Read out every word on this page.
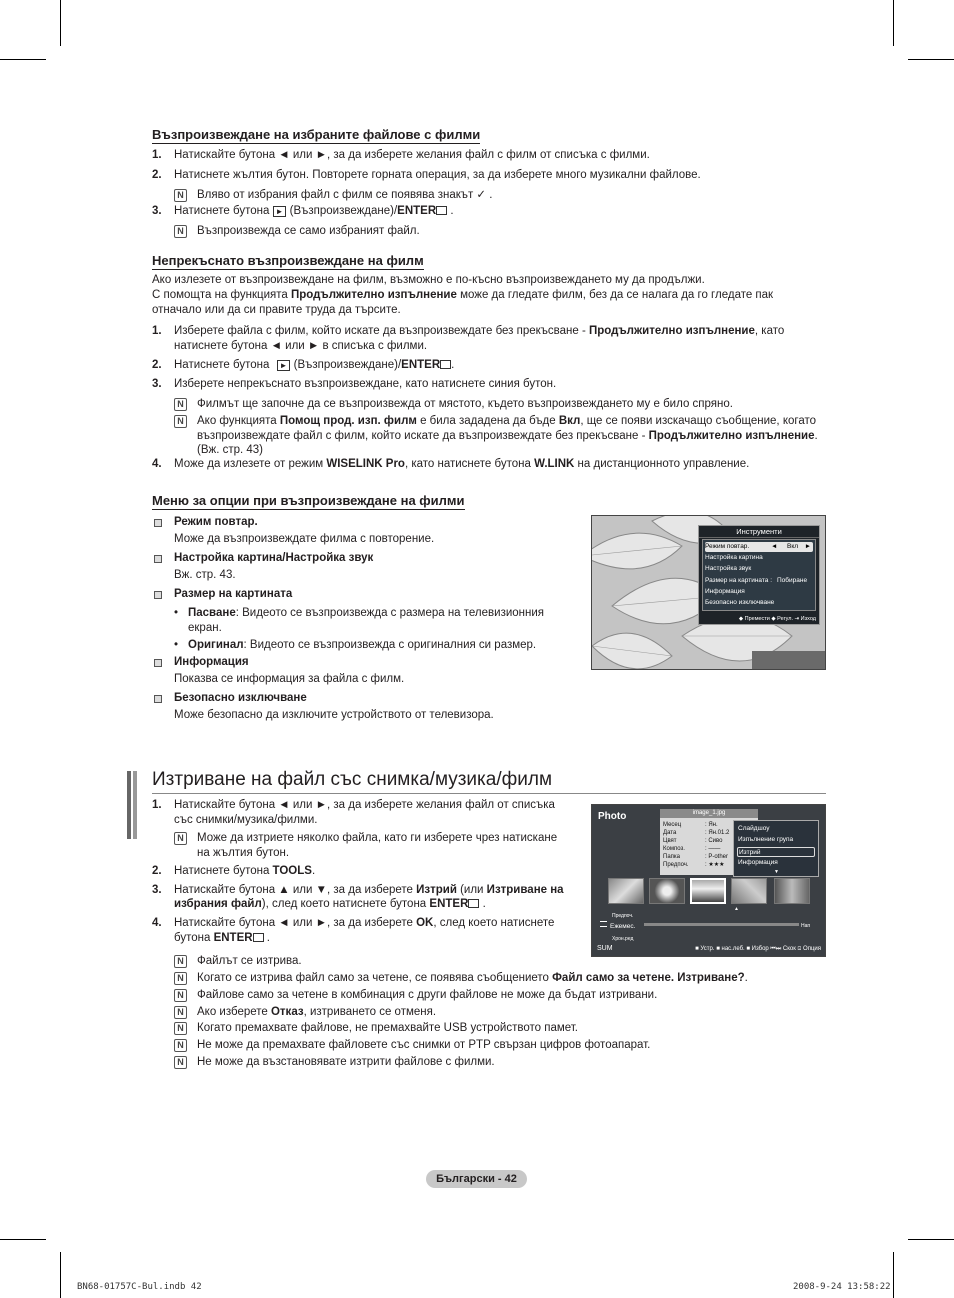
Възпроизвеждане на избраните файлове с филми
1. Натискайте бутона ◄ или ►, за да изберете желания файл с филм от списъка с филми.
2. Натиснете жълтия бутон. Повторете горната операция, за да изберете много музикални файлове.
N Вляво от избрания файл с филм се появява знакът ✓ .
3. Натиснете бутона ► (Възпроизвеждане)/ENTER .
N Възпроизвежда се само избраният файл.
Непрекъснато възпроизвеждане на филм
Ако излезете от възпроизвеждане на филм, възможно е по-късно възпроизвеждането му да продължи.
С помощта на функцията Продължително изпълнение може да гледате филм, без да се налага да го гледате пак
отначало или да си правите труда да търсите.
1. Изберете файла с филм, който искате да възпроизвеждате без прекъсване - Продължително изпълнение, като
натиснете бутона ◄ или ► в списъка с филми.
2. Натиснете бутона ► (Възпроизвеждане)/ENTER .
3. Изберете непрекъснато възпроизвеждане, като натиснете синия бутон.
N Филмът ще започне да се възпроизвежда от мястото, където възпроизвеждането му е било спряно.
N Ако функцията Помощ прод. изп. филм е била зададена да бъде Вкл, ще се появи изскачащо съобщение, когато
възпроизвеждате файл с филм, който искате да възпроизвеждате без прекъсване - Продължително изпълнение.
(Вж. стр. 43)
4. Може да излезете от режим WISELINK Pro, като натиснете бутона W.LINK на дистанционното управление.
Меню за опции при възпроизвеждане на филми
Режим повтар.
Може да възпроизвеждате филма с повторение.
Настройка картина/Настройка звук
Вж. стр. 43.
Размер на картината
• Пасване: Видеото се възпроизвежда с размера на телевизионния
екран.
• Оригинал: Видеото се възпроизвежда с оригиналния си размер.
Информация
Показва се информация за файла с филм.
Безопасно изключване
Може безопасно да изключите устройството от телевизора.
Инструменти
Режим повтар.	◄ Вкл ►
Настройка картина
Настройка звук
Размер на картината : Побиране
Информация
Безопасно изключване
◆ Премести ◆ Регул. ⇥ Изход
Изтриване на файл със снимка/музика/филм
1. Натискайте бутона ◄ или ►, за да изберете желания файл от списъка
със снимки/музика/филми.
N Може да изтриете няколко файла, като ги изберете чрез натискане
на жълтия бутон.
2. Натиснете бутона TOOLS.
3. Натискайте бутона ▲ или ▼, за да изберете Изтрий (или Изтриване на
избрания файл), след което натиснете бутона ENTER .
4. Натискайте бутона ◄ или ►, за да изберете OK, след което натиснете
бутона ENTER .
N Файлът се изтрива.
N Когато се изтрива файл само за четене, се появява съобщението Файл само за четене. Изтриване?.
N Файлове само за четене в комбинация с други файлове не може да бъдат изтривани.
N Ако изберете Отказ, изтриването се отменя.
N Когато премахвате файлове, не премахвайте USB устройството памет.
N Не може да премахвате файловете със снимки от PTP свързан цифров фотоапарат.
N Не може да възстановявате изтрити файлове с филми.
Photo	image_1.jpg
Месец	: Ян.
Дата	: Ян.01.2
Цвят	: Сиво
Композ.	: ——
Папка	: P-other
Предпоч.	: ★★★
Слайдшоу
Изпълнение група
Изтрий
Информация
▼
▲
Предпоч.
Ежемес.	Нап
Хрон.ред
SUM	■ Устр. ■ нас.леб. ■ Избор ⏮⏭ Скок ⊡ Опция
Български - 42
BN68-01757C-Bul.indb 42	2008-9-24 13:58:22
